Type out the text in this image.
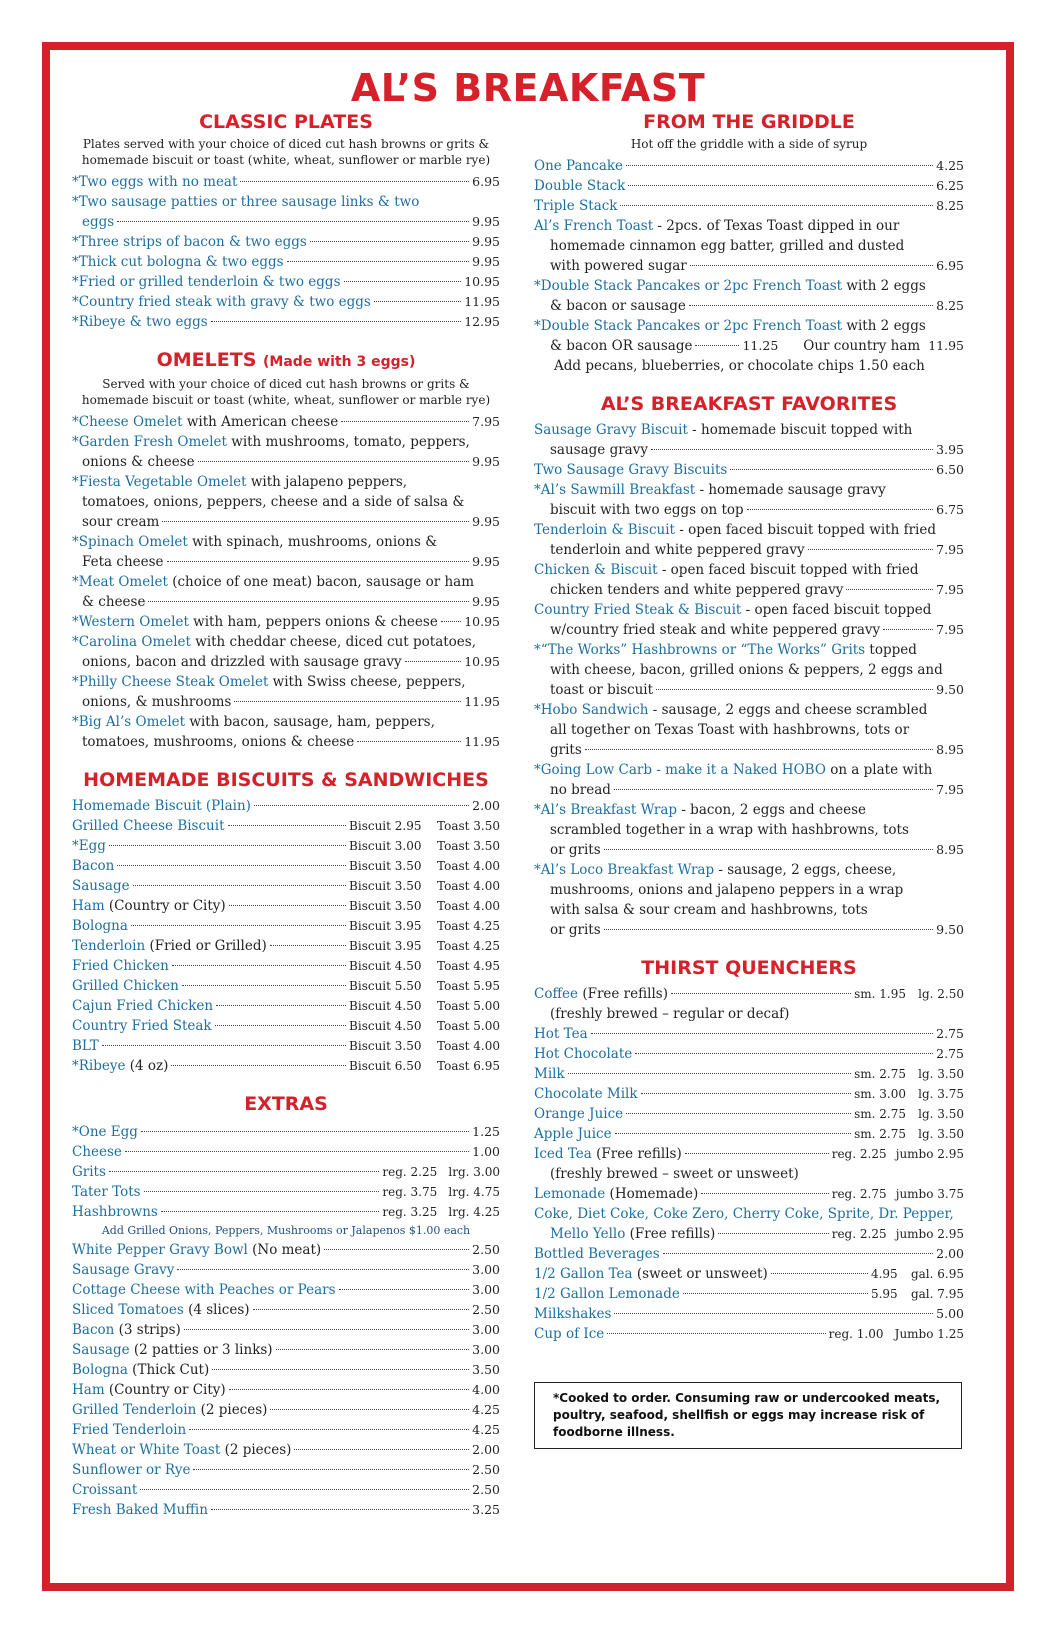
AL’S BREAKFAST
CLASSIC PLATES
Plates served with your choice of diced cut hash browns or grits &
homemade biscuit or toast (white, wheat, sunflower or marble rye)
*Two eggs with no meat	6.95
*Two sausage patties or three sausage links & two
eggs	9.95
*Three strips of bacon & two eggs	9.95
*Thick cut bologna & two eggs	9.95
*Fried or grilled tenderloin & two eggs	10.95
*Country fried steak with gravy & two eggs	11.95
*Ribeye & two eggs	12.95
OMELETS (Made with 3 eggs)
Served with your choice of diced cut hash browns or grits &
homemade biscuit or toast (white, wheat, sunflower or marble rye)
*Cheese Omelet with American cheese	7.95
*Garden Fresh Omelet with mushrooms, tomato, peppers,
onions & cheese	9.95
*Fiesta Vegetable Omelet with jalapeno peppers,
tomatoes, onions, peppers, cheese and a side of salsa &
sour cream	9.95
*Spinach Omelet with spinach, mushrooms, onions &
Feta cheese	9.95
*Meat Omelet (choice of one meat) bacon, sausage or ham
& cheese	9.95
*Western Omelet with ham, peppers onions & cheese 10.95
*Carolina Omelet with cheddar cheese, diced cut potatoes,
onions, bacon and drizzled with sausage gravy	10.95
*Philly Cheese Steak Omelet with Swiss cheese, peppers,
onions, & mushrooms	11.95
*Big Al’s Omelet with bacon, sausage, ham, peppers,
tomatoes, mushrooms, onions & cheese	11.95
HOMEMADE BISCUITS & SANDWICHES
Homemade Biscuit (Plain)	2.00
Grilled Cheese Biscuit	Biscuit 2.95 Toast 3.50
*Egg	Biscuit 3.00 Toast 3.50
Bacon	Biscuit 3.50 Toast 4.00
Sausage	Biscuit 3.50 Toast 4.00
Ham (Country or City)	Biscuit 3.50 Toast 4.00
Bologna	Biscuit 3.95 Toast 4.25
Tenderloin (Fried or Grilled)	Biscuit 3.95 Toast 4.25
Fried Chicken	Biscuit 4.50 Toast 4.95
Grilled Chicken	Biscuit 5.50 Toast 5.95
Cajun Fried Chicken	Biscuit 4.50 Toast 5.00
Country Fried Steak	Biscuit 4.50 Toast 5.00
BLT	Biscuit 3.50 Toast 4.00
*Ribeye (4 oz)	Biscuit 6.50 Toast 6.95
EXTRAS
*One Egg	1.25
Cheese	1.00
Grits	reg. 2.25 lrg. 3.00
Tater Tots	reg. 3.75 lrg. 4.75
Hashbrowns	reg. 3.25 lrg. 4.25
Add Grilled Onions, Peppers, Mushrooms or Jalapenos $1.00 each
White Pepper Gravy Bowl (No meat)	2.50
Sausage Gravy	3.00
Cottage Cheese with Peaches or Pears	3.00
Sliced Tomatoes (4 slices)	2.50
Bacon (3 strips)	3.00
Sausage (2 patties or 3 links)	3.00
Bologna (Thick Cut)	3.50
Ham (Country or City)	4.00
Grilled Tenderloin (2 pieces)	4.25
Fried Tenderloin	4.25
Wheat or White Toast (2 pieces)	2.00
Sunflower or Rye	2.50
Croissant	2.50
Fresh Baked Muffin	3.25
FROM THE GRIDDLE
Hot off the griddle with a side of syrup
One Pancake	4.25
Double Stack	6.25
Triple Stack	8.25
Al’s French Toast - 2pcs. of Texas Toast dipped in our
homemade cinnamon egg batter, grilled and dusted
with powered sugar	6.95
*Double Stack Pancakes or 2pc French Toast with 2 eggs
& bacon or sausage	8.25
*Double Stack Pancakes or 2pc French Toast with 2 eggs
& bacon OR sausage	11.25 Our country ham 11.95
Add pecans, blueberries, or chocolate chips 1.50 each
AL’S BREAKFAST FAVORITES
Sausage Gravy Biscuit - homemade biscuit topped with
sausage gravy	3.95
Two Sausage Gravy Biscuits	6.50
*Al’s Sawmill Breakfast - homemade sausage gravy
biscuit with two eggs on top	6.75
Tenderloin & Biscuit - open faced biscuit topped with fried
tenderloin and white peppered gravy	7.95
Chicken & Biscuit - open faced biscuit topped with fried
chicken tenders and white peppered gravy	7.95
Country Fried Steak & Biscuit - open faced biscuit topped
w/country fried steak and white peppered gravy	7.95
*“The Works” Hashbrowns or “The Works” Grits topped
with cheese, bacon, grilled onions & peppers, 2 eggs and
toast or biscuit	9.50
*Hobo Sandwich - sausage, 2 eggs and cheese scrambled
all together on Texas Toast with hashbrowns, tots or
grits	8.95
*Going Low Carb - make it a Naked HOBO on a plate with
no bread	7.95
*Al’s Breakfast Wrap - bacon, 2 eggs and cheese
scrambled together in a wrap with hashbrowns, tots
or grits	8.95
*Al’s Loco Breakfast Wrap - sausage, 2 eggs, cheese,
mushrooms, onions and jalapeno peppers in a wrap
with salsa & sour cream and hashbrowns, tots
or grits	9.50
THIRST QUENCHERS
Coffee (Free refills)	sm. 1.95 lg. 2.50
(freshly brewed – regular or decaf)
Hot Tea	2.75
Hot Chocolate	2.75
Milk	sm. 2.75 lg. 3.50
Chocolate Milk	sm. 3.00 lg. 3.75
Orange Juice	sm. 2.75 lg. 3.50
Apple Juice	sm. 2.75 lg. 3.50
Iced Tea (Free refills)	reg. 2.25 jumbo 2.95
(freshly brewed – sweet or unsweet)
Lemonade (Homemade)	reg. 2.75 jumbo 3.75
Coke, Diet Coke, Coke Zero, Cherry Coke, Sprite, Dr. Pepper,
Mello Yello (Free refills)	reg. 2.25 jumbo 2.95
Bottled Beverages	2.00
1/2 Gallon Tea (sweet or unsweet)	4.95 gal. 6.95
1/2 Gallon Lemonade	5.95 gal. 7.95
Milkshakes	5.00
Cup of Ice	reg. 1.00 Jumbo 1.25
*Cooked to order. Consuming raw or undercooked meats, poultry, seafood, shellfish or eggs may increase risk of foodborne illness.
